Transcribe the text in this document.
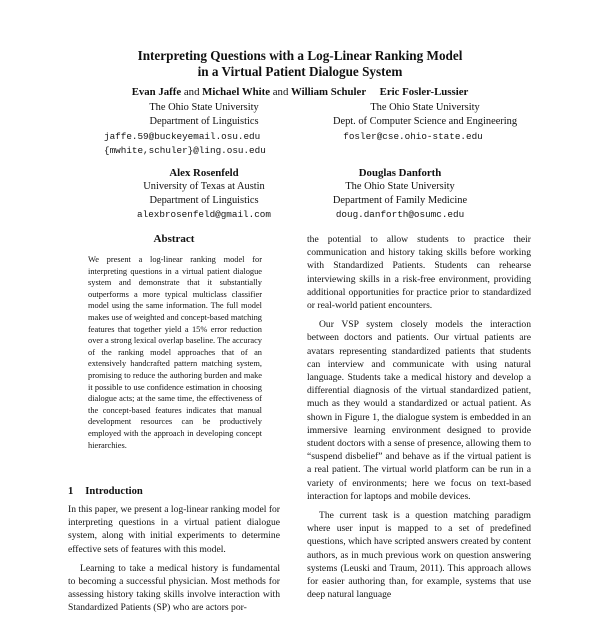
Interpreting Questions with a Log-Linear Ranking Model
in a Virtual Patient Dialogue System
Evan Jaffe and Michael White and William Schuler Eric Fosler-Lussier
The Ohio State University
Department of Linguistics
jaffe.59@buckeyemail.osu.edu
{mwhite,schuler}@ling.osu.edu
The Ohio State University
Dept. of Computer Science and Engineering
fosler@cse.ohio-state.edu
Alex Rosenfeld
University of Texas at Austin
Department of Linguistics
alexbrosenfeld@gmail.com
Douglas Danforth
The Ohio State University
Department of Family Medicine
doug.danforth@osumc.edu
Abstract
We present a log-linear ranking model for interpreting questions in a virtual patient dialogue system and demonstrate that it substantially outperforms a more typical multiclass classifier model using the same information. The full model makes use of weighted and concept-based matching features that together yield a 15% error reduction over a strong lexical overlap baseline. The accuracy of the ranking model approaches that of an extensively handcrafted pattern matching system, promising to reduce the authoring burden and make it possible to use confidence estimation in choosing dialogue acts; at the same time, the effectiveness of the concept-based features indicates that manual development resources can be productively employed with the approach in developing concept hierarchies.
1 Introduction

In this paper, we present a log-linear ranking model for interpreting questions in a virtual patient dialogue system, along with initial experiments to determine effective sets of features with this model.

Learning to take a medical history is fundamental to becoming a successful physician. Most methods for assessing history taking skills involve interaction with Standardized Patients (SP) who are actors por-

the potential to allow students to practice their communication and history taking skills before working with Standardized Patients. Students can rehearse interviewing skills in a risk-free environment, providing additional opportunities for practice prior to standardized or real-world patient encounters.

Our VSP system closely models the interaction between doctors and patients. Our virtual patients are avatars representing standardized patients that students can interview and communicate with using natural language. Students take a medical history and develop a differential diagnosis of the virtual standardized patient, much as they would a standardized or actual patient. As shown in Figure 1, the dialogue system is embedded in an immersive learning environment designed to provide student doctors with a sense of presence, allowing them to “suspend disbelief” and behave as if the virtual patient is a real patient. The virtual world platform can be run in a variety of environments; here we focus on text-based interaction for laptops and mobile devices.

The current task is a question matching paradigm where user input is mapped to a set of predefined questions, which have scripted answers created by content authors, as in much previous work on question answering systems (Leuski and Traum, 2011). This approach allows for easier authoring than, for example, systems that use deep natural language
